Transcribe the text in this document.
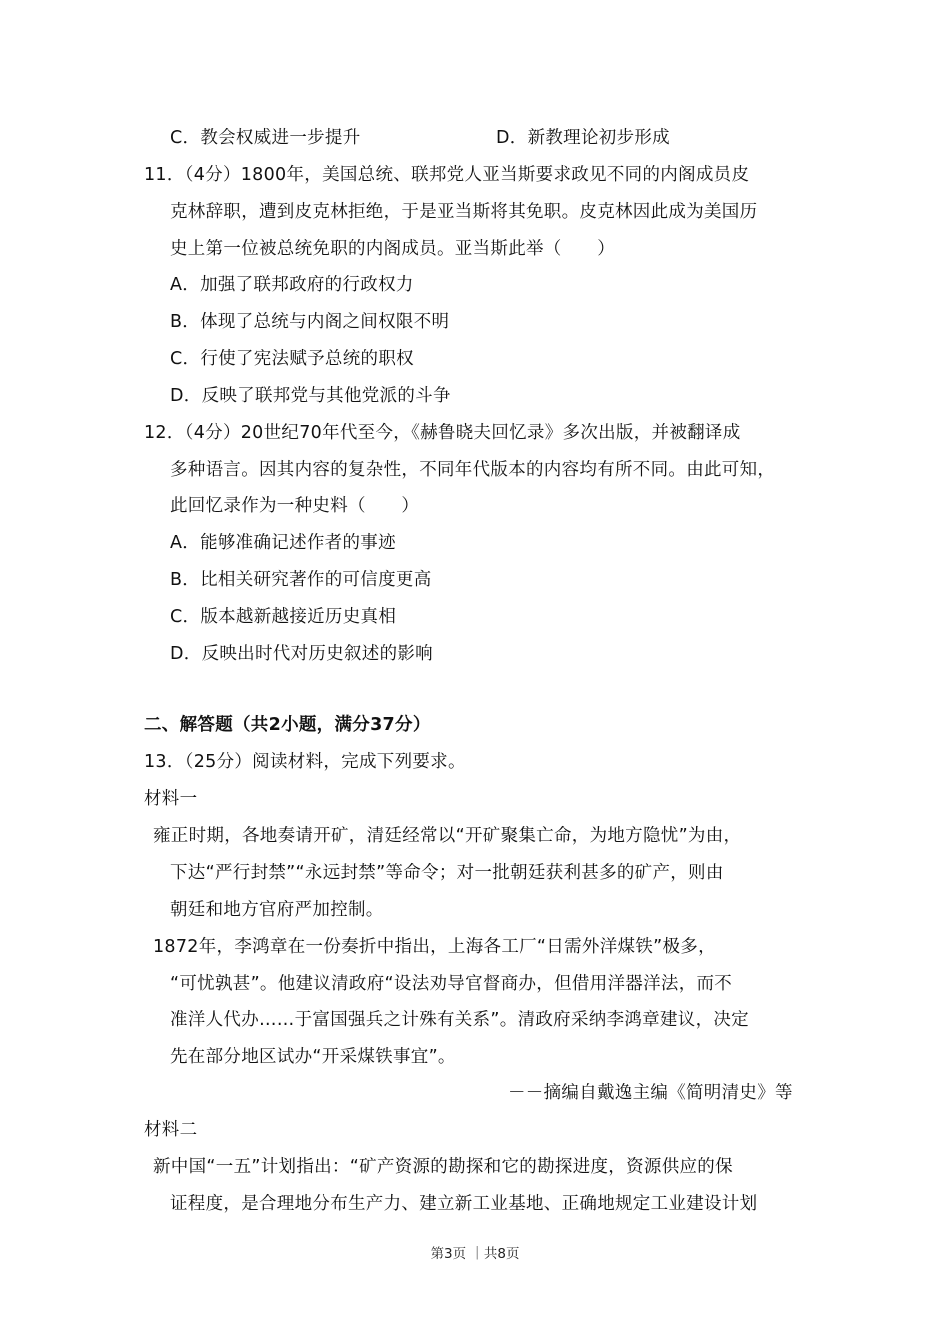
C．教会权威进一步提升	D．新教理论初步形成
11．（4分）1800年，美国总统、联邦党人亚当斯要求政见不同的内阁成员皮
克林辞职，遭到皮克林拒绝，于是亚当斯将其免职。皮克林因此成为美国历
史上第一位被总统免职的内阁成员。亚当斯此举（　　）
A．加强了联邦政府的行政权力
B．体现了总统与内阁之间权限不明
C．行使了宪法赋予总统的职权
D．反映了联邦党与其他党派的斗争
12．（4分）20世纪70年代至今，《赫鲁晓夫回忆录》多次出版，并被翻译成
多种语言。因其内容的复杂性，不同年代版本的内容均有所不同。由此可知，
此回忆录作为一种史料（　　）
A．能够准确记述作者的事迹
B．比相关研究著作的可信度更高
C．版本越新越接近历史真相
D．反映出时代对历史叙述的影响
二、解答题（共2小题，满分37分）
13．（25分）阅读材料，完成下列要求。
材料一
雍正时期，各地奏请开矿，清廷经常以“开矿聚集亡命，为地方隐忧”为由，
下达“严行封禁”“永远封禁”等命令；对一批朝廷获利甚多的矿产，则由
朝廷和地方官府严加控制。
1872年，李鸿章在一份奏折中指出，上海各工厂“日需外洋煤铁”极多，
“可忧孰甚”。他建议清政府“设法劝导官督商办，但借用洋器洋法，而不
准洋人代办……于富国强兵之计殊有关系”。清政府采纳李鸿章建议，决定
先在部分地区试办“开采煤铁事宜”。
－－摘编自戴逸主编《简明清史》等
材料二
新中国“一五”计划指出：“矿产资源的勘探和它的勘探进度，资源供应的保
证程度，是合理地分布生产力、建立新工业基地、正确地规定工业建设计划
第3页 ｜共8页
